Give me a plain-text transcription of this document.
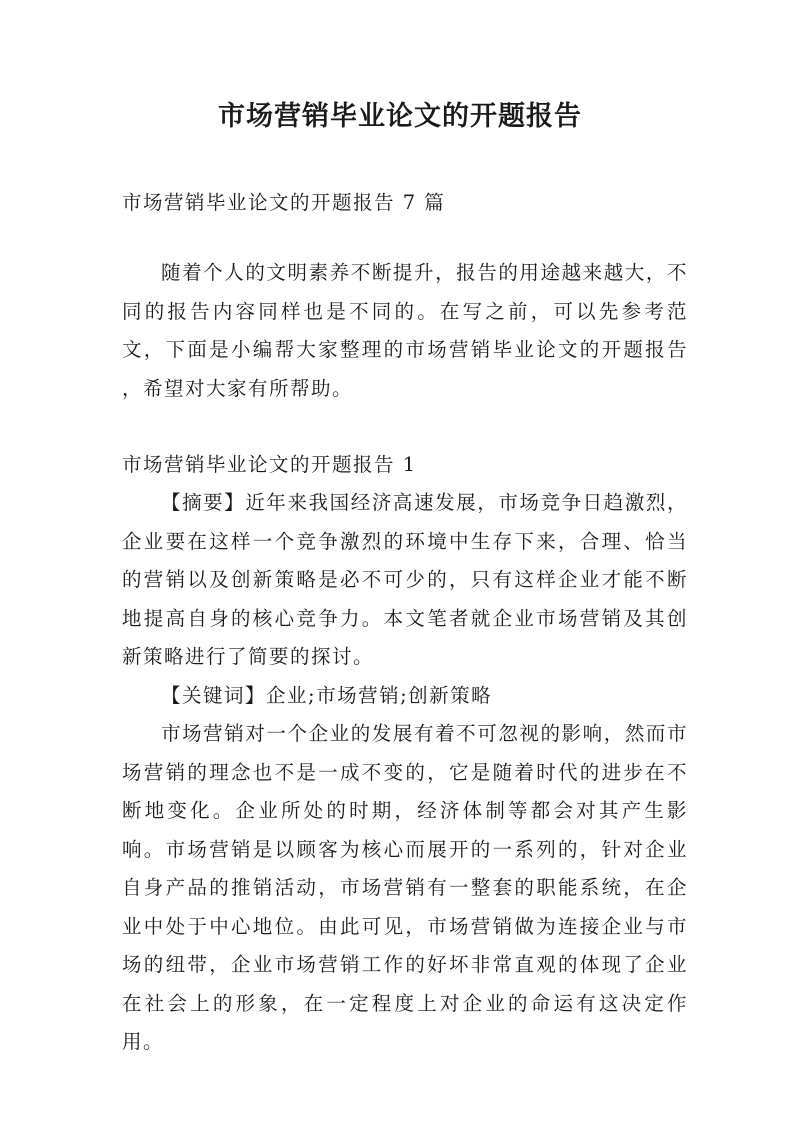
市场营销毕业论文的开题报告

市场营销毕业论文的开题报告 7 篇

随着个人的文明素养不断提升，报告的用途越来越大，不同的报告内容同样也是不同的。在写之前，可以先参考范文，下面是小编帮大家整理的市场营销毕业论文的开题报告 ，希望对大家有所帮助。

市场营销毕业论文的开题报告 1

【摘要】近年来我国经济高速发展，市场竞争日趋激烈，企业要在这样一个竞争激烈的环境中生存下来，合理、恰当的营销以及创新策略是必不可少的，只有这样企业才能不断地提高自身的核心竞争力。本文笔者就企业市场营销及其创新策略进行了简要的探讨。

【关键词】企业;市场营销;创新策略

市场营销对一个企业的发展有着不可忽视的影响，然而市场营销的理念也不是一成不变的，它是随着时代的进步在不断地变化。企业所处的时期，经济体制等都会对其产生影响。市场营销是以顾客为核心而展开的一系列的，针对企业自身产品的推销活动，市场营销有一整套的职能系统，在企业中处于中心地位。由此可见，市场营销做为连接企业与市场的纽带，企业市场营销工作的好坏非常直观的体现了企业在社会上的形象，在一定程度上对企业的命运有这决定作用。
